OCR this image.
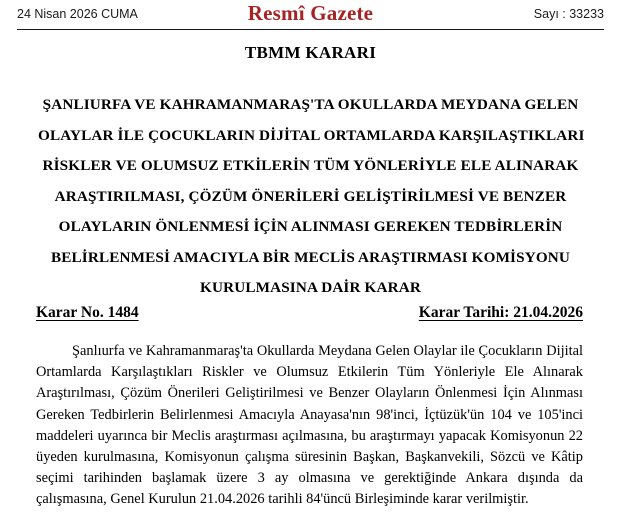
24 Nisan 2026 CUMA	Sayı : 33233
Resmî Gazete
TBMM KARARI
ŞANLIURFA VE KAHRAMANMARAŞ'TA OKULLARDA MEYDANA GELEN
OLAYLAR İLE ÇOCUKLARIN DİJİTAL ORTAMLARDA KARŞILAŞTIKLARI
RİSKLER VE OLUMSUZ ETKİLERİN TÜM YÖNLERİYLE ELE ALINARAK
ARAŞTIRILMASI, ÇÖZÜM ÖNERİLERİ GELİŞTİRİLMESİ VE BENZER
OLAYLARIN ÖNLENMESİ İÇİN ALINMASI GEREKEN TEDBİRLERİN
BELİRLENMESİ AMACIYLA BİR MECLİS ARAŞTIRMASI KOMİSYONU
KURULMASINA DAİR KARAR
Karar No. 1484	Karar Tarihi: 21.04.2026
Şanlıurfa ve Kahramanmaraş'ta Okullarda Meydana Gelen Olaylar ile Çocukların Dijital Ortamlarda Karşılaştıkları Riskler ve Olumsuz Etkilerin Tüm Yönleriyle Ele Alınarak Araştırılması, Çözüm Önerileri Geliştirilmesi ve Benzer Olayların Önlenmesi İçin Alınması Gereken Tedbirlerin Belirlenmesi Amacıyla Anayasa'nın 98'inci, İçtüzük'ün 104 ve 105'inci maddeleri uyarınca bir Meclis araştırması açılmasına, bu araştırmayı yapacak Komisyonun 22 üyeden kurulmasına, Komisyonun çalışma süresinin Başkan, Başkanvekili, Sözcü ve Kâtip seçimi tarihinden başlamak üzere 3 ay olmasına ve gerektiğinde Ankara dışında da çalışmasına, Genel Kurulun 21.04.2026 tarihli 84'üncü Birleşiminde karar verilmiştir.
